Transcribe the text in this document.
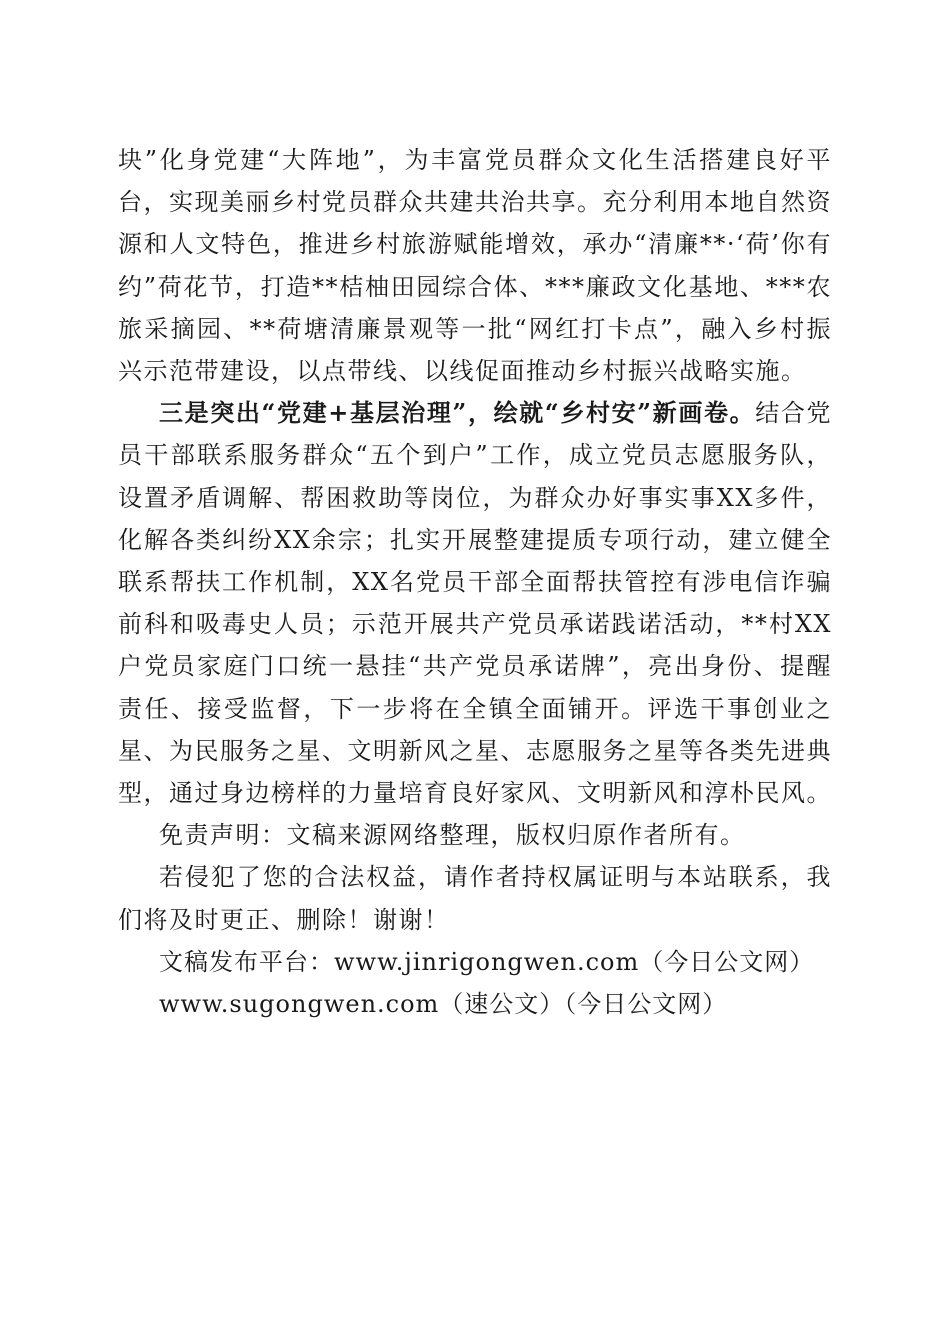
块”化身党建“大阵地”，为丰富党员群众文化生活搭建良好平台，实现美丽乡村党员群众共建共治共享。充分利用本地自然资源和人文特色，推进乡村旅游赋能增效，承办“清廉**·‘荷’你有约”荷花节，打造**桔柚田园综合体、***廉政文化基地、***农旅采摘园、**荷塘清廉景观等一批“网红打卡点”，融入乡村振兴示范带建设，以点带线、以线促面推动乡村振兴战略实施。

三是突出“党建+基层治理”，绘就“乡村安”新画卷。结合党员干部联系服务群众“五个到户”工作，成立党员志愿服务队，设置矛盾调解、帮困救助等岗位，为群众办好事实事XX多件，化解各类纠纷XX余宗；扎实开展整建提质专项行动，建立健全联系帮扶工作机制，XX名党员干部全面帮扶管控有涉电信诈骗前科和吸毒史人员；示范开展共产党员承诺践诺活动，**村XX户党员家庭门口统一悬挂“共产党员承诺牌”，亮出身份、提醒责任、接受监督，下一步将在全镇全面铺开。评选干事创业之星、为民服务之星、文明新风之星、志愿服务之星等各类先进典型，通过身边榜样的力量培育良好家风、文明新风和淳朴民风。

免责声明：文稿来源网络整理，版权归原作者所有。

若侵犯了您的合法权益，请作者持权属证明与本站联系，我们将及时更正、删除！谢谢！

文稿发布平台：www.jinrigongwen.com（今日公文网）

www.sugongwen.com（速公文）（今日公文网）
